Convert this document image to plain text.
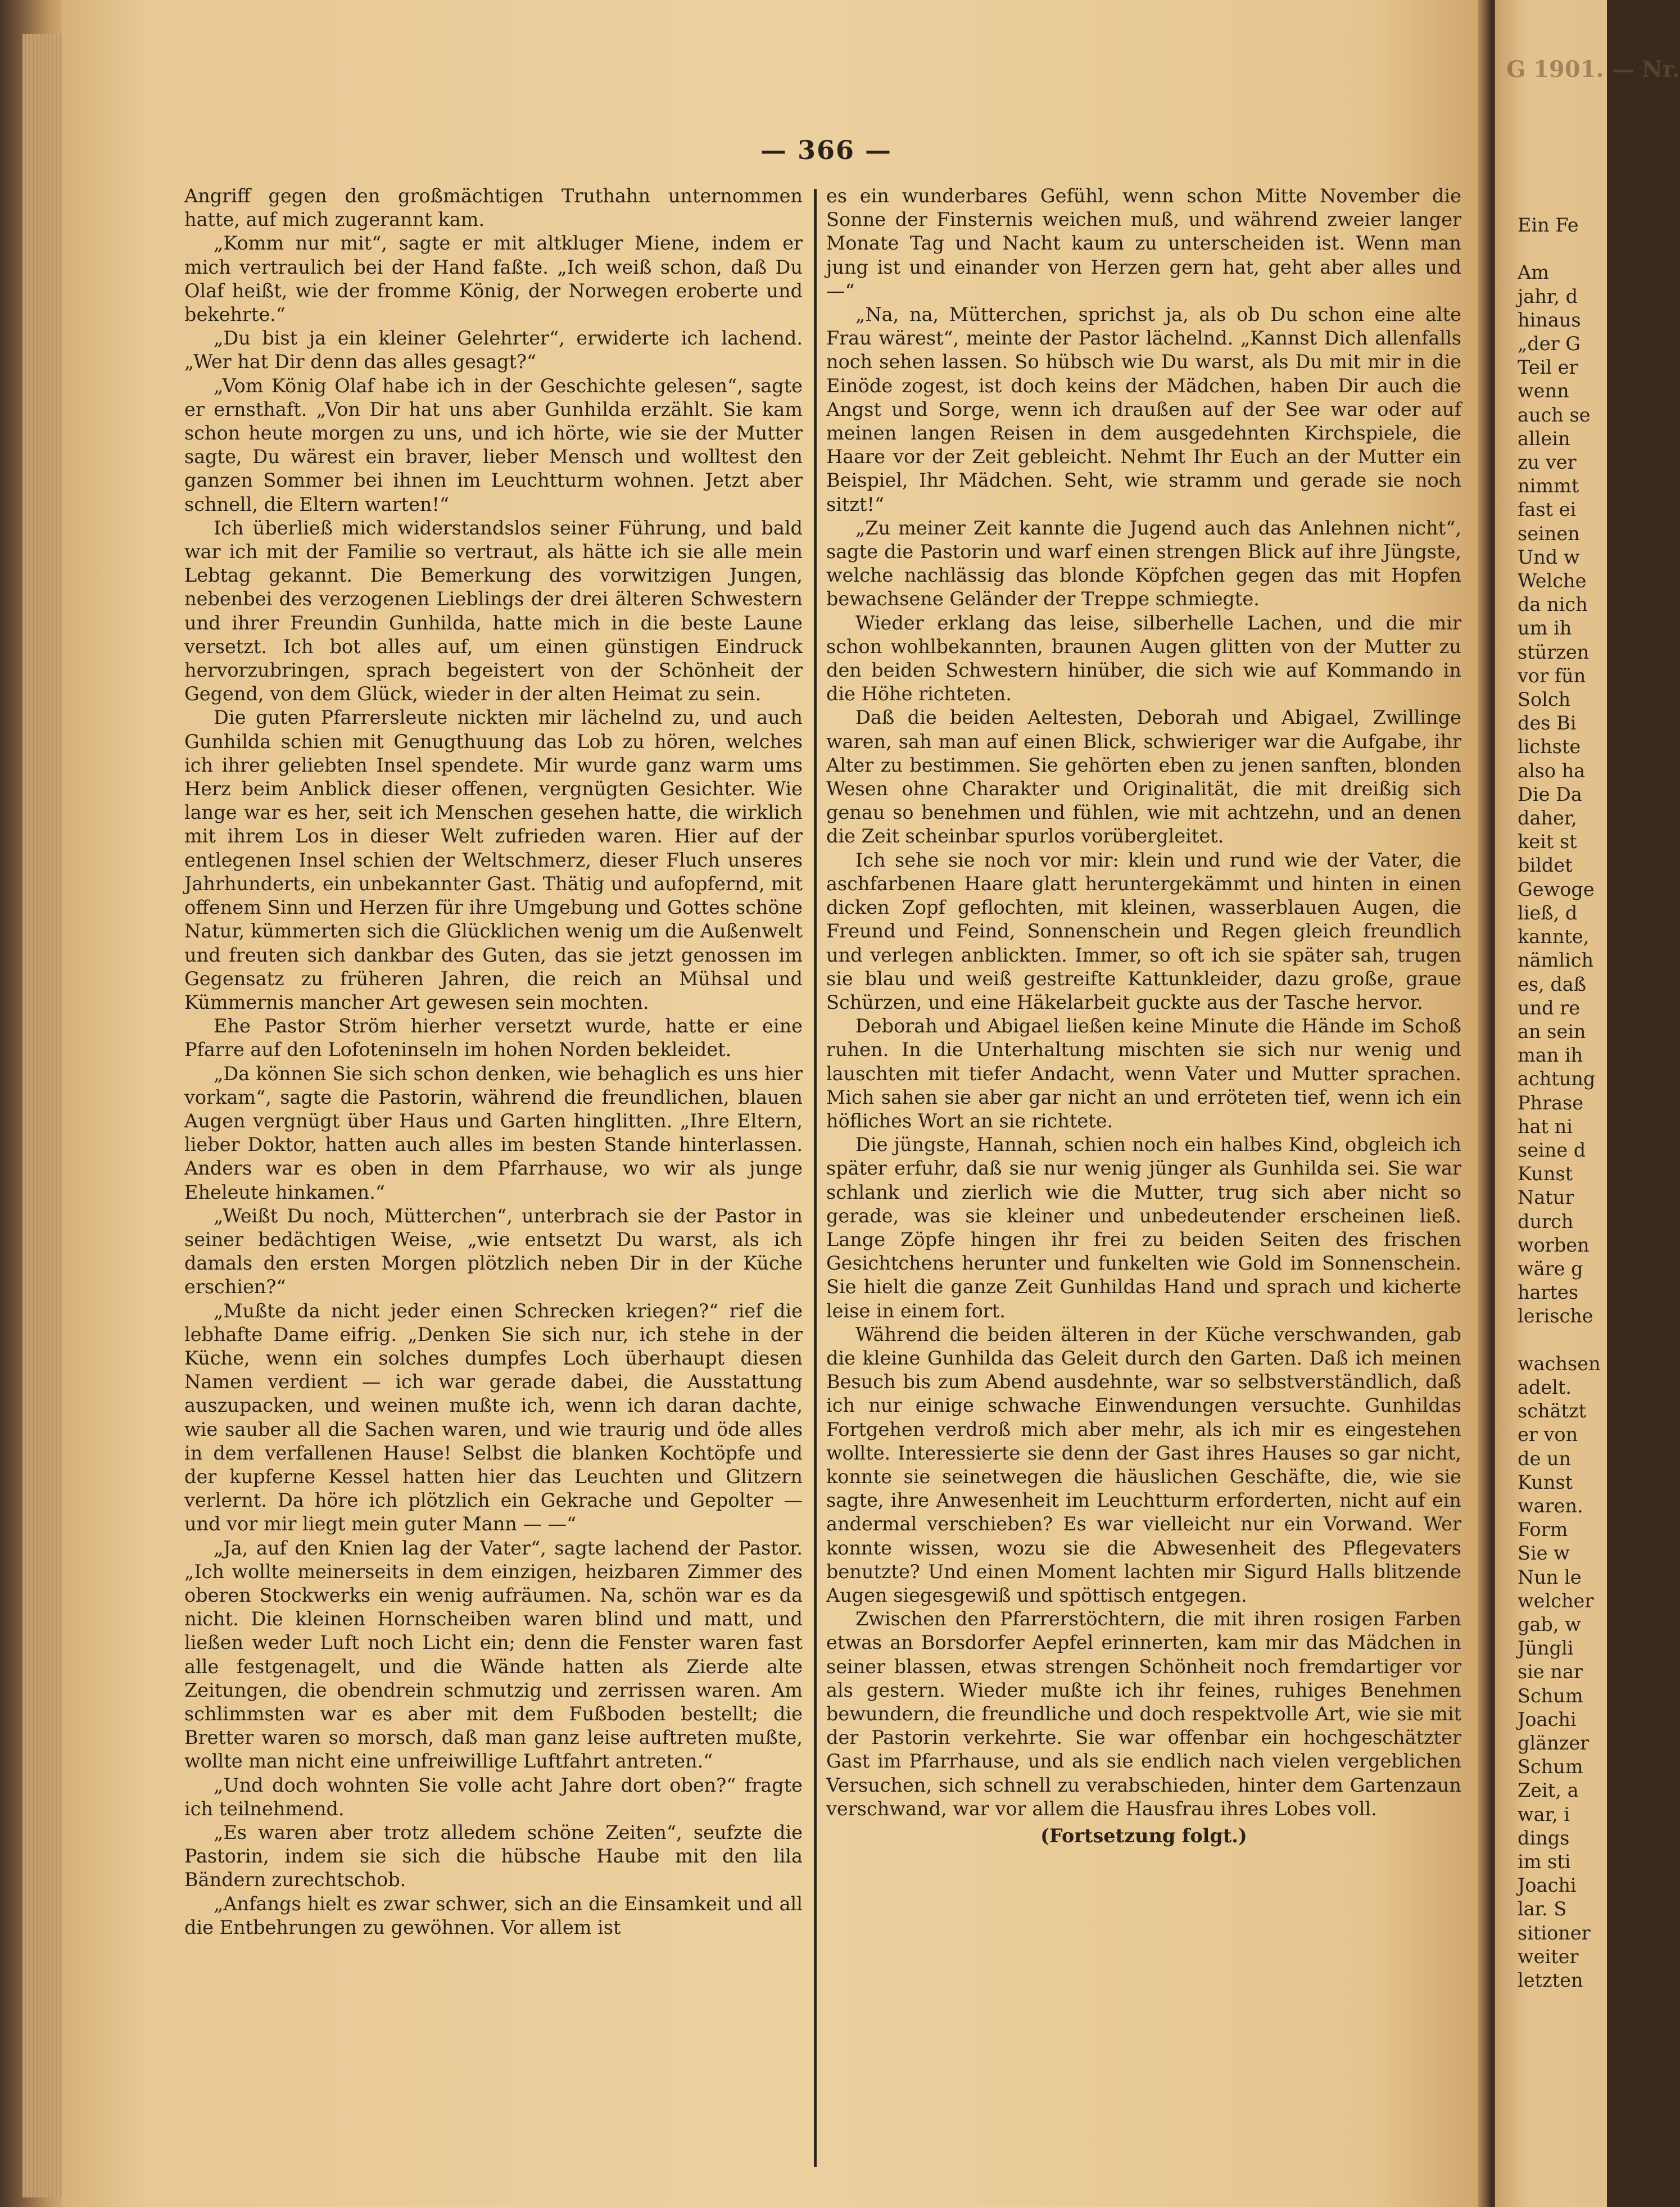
— 366 —

Angriff gegen den großmächtigen Truthahn unternommen hatte, auf mich zugerannt kam.

„Komm nur mit“, sagte er mit altkluger Miene, indem er mich vertraulich bei der Hand faßte. „Ich weiß schon, daß Du Olaf heißt, wie der fromme König, der Norwegen eroberte und bekehrte.“

„Du bist ja ein kleiner Gelehrter“, erwiderte ich lachend. „Wer hat Dir denn das alles gesagt?“

„Vom König Olaf habe ich in der Geschichte gelesen“, sagte er ernsthaft. „Von Dir hat uns aber Gunhilda erzählt. Sie kam schon heute morgen zu uns, und ich hörte, wie sie der Mutter sagte, Du wärest ein braver, lieber Mensch und wolltest den ganzen Sommer bei ihnen im Leuchtturm wohnen. Jetzt aber schnell, die Eltern warten!“

Ich überließ mich widerstandslos seiner Führung, und bald war ich mit der Familie so vertraut, als hätte ich sie alle mein Lebtag gekannt. Die Bemerkung des vorwitzigen Jungen, nebenbei des verzogenen Lieblings der drei älteren Schwestern und ihrer Freundin Gunhilda, hatte mich in die beste Laune versetzt. Ich bot alles auf, um einen günstigen Eindruck hervorzubringen, sprach begeistert von der Schönheit der Gegend, von dem Glück, wieder in der alten Heimat zu sein.

Die guten Pfarrersleute nickten mir lächelnd zu, und auch Gunhilda schien mit Genugthuung das Lob zu hören, welches ich ihrer geliebten Insel spendete. Mir wurde ganz warm ums Herz beim Anblick dieser offenen, vergnügten Gesichter. Wie lange war es her, seit ich Menschen gesehen hatte, die wirklich mit ihrem Los in dieser Welt zufrieden waren. Hier auf der entlegenen Insel schien der Weltschmerz, dieser Fluch unseres Jahrhunderts, ein unbekannter Gast. Thätig und aufopfernd, mit offenem Sinn und Herzen für ihre Umgebung und Gottes schöne Natur, kümmerten sich die Glücklichen wenig um die Außenwelt und freuten sich dankbar des Guten, das sie jetzt genossen im Gegensatz zu früheren Jahren, die reich an Mühsal und Kümmernis mancher Art gewesen sein mochten.

Ehe Pastor Ström hierher versetzt wurde, hatte er eine Pfarre auf den Lofoteninseln im hohen Norden bekleidet.

„Da können Sie sich schon denken, wie behaglich es uns hier vorkam“, sagte die Pastorin, während die freundlichen, blauen Augen vergnügt über Haus und Garten hinglitten. „Ihre Eltern, lieber Doktor, hatten auch alles im besten Stande hinterlassen. Anders war es oben in dem Pfarrhause, wo wir als junge Eheleute hinkamen.“

„Weißt Du noch, Mütterchen“, unterbrach sie der Pastor in seiner bedächtigen Weise, „wie entsetzt Du warst, als ich damals den ersten Morgen plötzlich neben Dir in der Küche erschien?“

„Mußte da nicht jeder einen Schrecken kriegen?“ rief die lebhafte Dame eifrig. „Denken Sie sich nur, ich stehe in der Küche, wenn ein solches dumpfes Loch überhaupt diesen Namen verdient — ich war gerade dabei, die Ausstattung auszupacken, und weinen mußte ich, wenn ich daran dachte, wie sauber all die Sachen waren, und wie traurig und öde alles in dem verfallenen Hause! Selbst die blanken Kochtöpfe und der kupferne Kessel hatten hier das Leuchten und Glitzern verlernt. Da höre ich plötzlich ein Gekrache und Gepolter — und vor mir liegt mein guter Mann — —“

„Ja, auf den Knien lag der Vater“, sagte lachend der Pastor. „Ich wollte meinerseits in dem einzigen, heizbaren Zimmer des oberen Stockwerks ein wenig aufräumen. Na, schön war es da nicht. Die kleinen Hornscheiben waren blind und matt, und ließen weder Luft noch Licht ein; denn die Fenster waren fast alle festgenagelt, und die Wände hatten als Zierde alte Zeitungen, die obendrein schmutzig und zerrissen waren. Am schlimmsten war es aber mit dem Fußboden bestellt; die Bretter waren so morsch, daß man ganz leise auftreten mußte, wollte man nicht eine unfreiwillige Luftfahrt antreten.“

„Und doch wohnten Sie volle acht Jahre dort oben?“ fragte ich teilnehmend.

„Es waren aber trotz alledem schöne Zeiten“, seufzte die Pastorin, indem sie sich die hübsche Haube mit den lila Bändern zurechtschob.

„Anfangs hielt es zwar schwer, sich an die Einsamkeit und all die Entbehrungen zu gewöhnen. Vor allem ist

es ein wunderbares Gefühl, wenn schon Mitte November die Sonne der Finsternis weichen muß, und während zweier langer Monate Tag und Nacht kaum zu unterscheiden ist. Wenn man jung ist und einander von Herzen gern hat, geht aber alles und —“

„Na, na, Mütterchen, sprichst ja, als ob Du schon eine alte Frau wärest“, meinte der Pastor lächelnd. „Kannst Dich allenfalls noch sehen lassen. So hübsch wie Du warst, als Du mit mir in die Einöde zogest, ist doch keins der Mädchen, haben Dir auch die Angst und Sorge, wenn ich draußen auf der See war oder auf meinen langen Reisen in dem ausgedehnten Kirchspiele, die Haare vor der Zeit gebleicht. Nehmt Ihr Euch an der Mutter ein Beispiel, Ihr Mädchen. Seht, wie stramm und gerade sie noch sitzt!“

„Zu meiner Zeit kannte die Jugend auch das Anlehnen nicht“, sagte die Pastorin und warf einen strengen Blick auf ihre Jüngste, welche nachlässig das blonde Köpfchen gegen das mit Hopfen bewachsene Geländer der Treppe schmiegte.

Wieder erklang das leise, silberhelle Lachen, und die mir schon wohlbekannten, braunen Augen glitten von der Mutter zu den beiden Schwestern hinüber, die sich wie auf Kommando in die Höhe richteten.

Daß die beiden Aeltesten, Deborah und Abigael, Zwillinge waren, sah man auf einen Blick, schwieriger war die Aufgabe, ihr Alter zu bestimmen. Sie gehörten eben zu jenen sanften, blonden Wesen ohne Charakter und Originalität, die mit dreißig sich genau so benehmen und fühlen, wie mit achtzehn, und an denen die Zeit scheinbar spurlos vorübergleitet.

Ich sehe sie noch vor mir: klein und rund wie der Vater, die aschfarbenen Haare glatt heruntergekämmt und hinten in einen dicken Zopf geflochten, mit kleinen, wasserblauen Augen, die Freund und Feind, Sonnenschein und Regen gleich freundlich und verlegen anblickten. Immer, so oft ich sie später sah, trugen sie blau und weiß gestreifte Kattunkleider, dazu große, graue Schürzen, und eine Häkelarbeit guckte aus der Tasche hervor.

Deborah und Abigael ließen keine Minute die Hände im Schoß ruhen. In die Unterhaltung mischten sie sich nur wenig und lauschten mit tiefer Andacht, wenn Vater und Mutter sprachen. Mich sahen sie aber gar nicht an und erröteten tief, wenn ich ein höfliches Wort an sie richtete.

Die jüngste, Hannah, schien noch ein halbes Kind, obgleich ich später erfuhr, daß sie nur wenig jünger als Gunhilda sei. Sie war schlank und zierlich wie die Mutter, trug sich aber nicht so gerade, was sie kleiner und unbedeutender erscheinen ließ. Lange Zöpfe hingen ihr frei zu beiden Seiten des frischen Gesichtchens herunter und funkelten wie Gold im Sonnenschein. Sie hielt die ganze Zeit Gunhildas Hand und sprach und kicherte leise in einem fort.

Während die beiden älteren in der Küche verschwanden, gab die kleine Gunhilda das Geleit durch den Garten. Daß ich meinen Besuch bis zum Abend ausdehnte, war so selbstverständlich, daß ich nur einige schwache Einwendungen versuchte. Gunhildas Fortgehen verdroß mich aber mehr, als ich mir es eingestehen wollte. Interessierte sie denn der Gast ihres Hauses so gar nicht, konnte sie seinetwegen die häuslichen Geschäfte, die, wie sie sagte, ihre Anwesenheit im Leuchtturm erforderten, nicht auf ein andermal verschieben? Es war vielleicht nur ein Vorwand. Wer konnte wissen, wozu sie die Abwesenheit des Pflegevaters benutzte? Und einen Moment lachten mir Sigurd Halls blitzende Augen siegesgewiß und spöttisch entgegen.

Zwischen den Pfarrerstöchtern, die mit ihren rosigen Farben etwas an Borsdorfer Aepfel erinnerten, kam mir das Mädchen in seiner blassen, etwas strengen Schönheit noch fremdartiger vor als gestern. Wieder mußte ich ihr feines, ruhiges Benehmen bewundern, die freundliche und doch respektvolle Art, wie sie mit der Pastorin verkehrte. Sie war offenbar ein hochgeschätzter Gast im Pfarrhause, und als sie endlich nach vielen vergeblichen Versuchen, sich schnell zu verabschieden, hinter dem Gartenzaun verschwand, war vor allem die Hausfrau ihres Lobes voll.

(Fortsetzung folgt.)

G 1901. — Nr.
Ein Fe

Am
jahr, d
hinaus
„der G
Teil er
wenn
auch se
allein
zu ver
nimmt
fast ei
seinen
Und w
Welche
da nich
um ih
stürzen
vor fün
Solch
des Bi
lichste
also ha
Die Da
daher,
keit st
bildet
Gewoge
ließ, d
kannte,
nämlich
es, daß
und re
an sein
man ih
achtung
Phrase
hat ni
seine d
Kunst
Natur
durch
worben
wäre g
hartes
lerische

wachsen
adelt.
schätzt
er von
de un
Kunst
waren.
Form
Sie w
Nun le
welcher
gab, w
Jüngli
sie nar
Schum
Joachi
glänzer
Schum
Zeit, a
war, i
dings
im sti
Joachi
lar. S
sitioner
weiter
letzten
